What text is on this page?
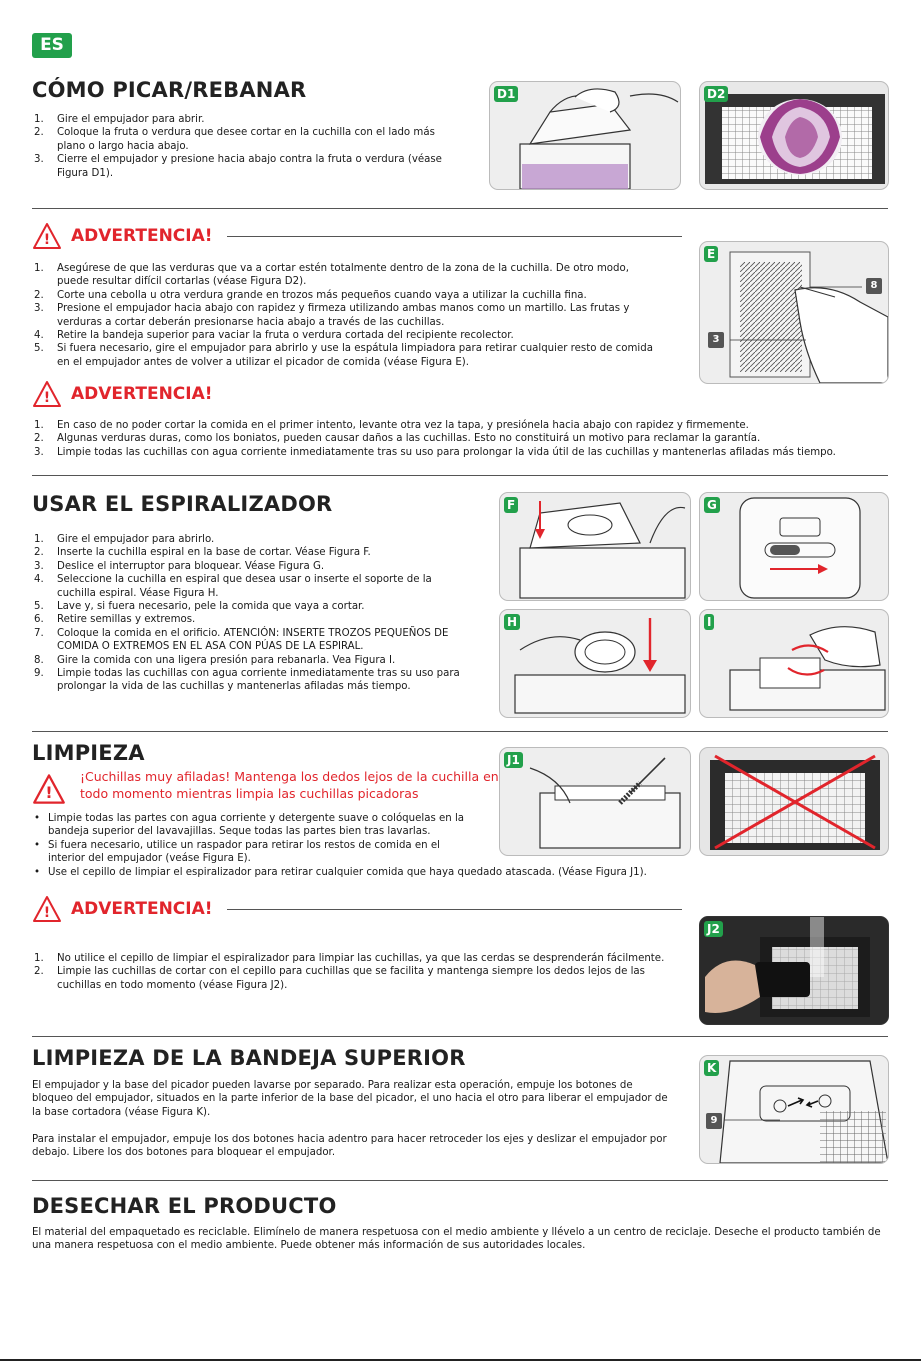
ES
CÓMO PICAR/REBANAR
1. Gire el empujador para abrir.
2. Coloque la fruta o verdura que desee cortar en la cuchilla con el lado más plano o largo hacia abajo.
3. Cierre el empujador y presione hacia abajo contra la fruta o verdura (véase Figura D1).
D1	D2
! ADVERTENCIA!
1. Asegúrese de que las verduras que va a cortar estén totalmente dentro de la zona de la cuchilla. De otro modo, puede resultar difícil cortarlas (véase Figura D2).
2. Corte una cebolla u otra verdura grande en trozos más pequeños cuando vaya a utilizar la cuchilla fina.
3. Presione el empujador hacia abajo con rapidez y firmeza utilizando ambas manos como un martillo. Las frutas y verduras a cortar deberán presionarse hacia abajo a través de las cuchillas.
4. Retire la bandeja superior para vaciar la fruta o verdura cortada del recipiente recolector.
5. Si fuera necesario, gire el empujador para abrirlo y use la espátula limpiadora para retirar cualquier resto de comida en el empujador antes de volver a utilizar el picador de comida (véase Figura E).
E
8
3
! ADVERTENCIA!
1. En caso de no poder cortar la comida en el primer intento, levante otra vez la tapa, y presiónela hacia abajo con rapidez y firmemente.
2. Algunas verduras duras, como los boniatos, pueden causar daños a las cuchillas. Esto no constituirá un motivo para reclamar la garantía.
3. Limpie todas las cuchillas con agua corriente inmediatamente tras su uso para prolongar la vida útil de las cuchillas y mantenerlas afiladas más tiempo.
USAR EL ESPIRALIZADOR
1. Gire el empujador para abrirlo.
2. Inserte la cuchilla espiral en la base de cortar. Véase Figura F.
3. Deslice el interruptor para bloquear. Véase Figura G.
4. Seleccione la cuchilla en espiral que desea usar o inserte el soporte de la cuchilla espiral. Véase Figura H.
5. Lave y, si fuera necesario, pele la comida que vaya a cortar.
6. Retire semillas y extremos.
7. Coloque la comida en el orificio. ATENCIÓN: INSERTE TROZOS PEQUEÑOS DE COMIDA O EXTREMOS EN EL ASA CON PÚAS DE LA ESPIRAL.
8. Gire la comida con una ligera presión para rebanarla. Vea Figura I.
9. Limpie todas las cuchillas con agua corriente inmediatamente tras su uso para prolongar la vida de las cuchillas y mantenerlas afiladas más tiempo.
F	G
H	I
LIMPIEZA
!
¡Cuchillas muy afiladas! Mantenga los dedos lejos de la cuchilla en todo momento mientras limpia las cuchillas picadoras
• Limpie todas las partes con agua corriente y detergente suave o colóquelas en la bandeja superior del lavavajillas. Seque todas las partes bien tras lavarlas.
• Si fuera necesario, utilice un raspador para retirar los restos de comida en el interior del empujador (veáse Figura E).
• Use el cepillo de limpiar el espiralizador para retirar cualquier comida que haya quedado atascada. (Véase Figura J1).
J1
! ADVERTENCIA!
1. No utilice el cepillo de limpiar el espiralizador para limpiar las cuchillas, ya que las cerdas se desprenderán fácilmente.
2. Limpie las cuchillas de cortar con el cepillo para cuchillas que se facilita y mantenga siempre los dedos lejos de las cuchillas en todo momento (véase Figura J2).
J2
LIMPIEZA DE LA BANDEJA SUPERIOR

El empujador y la base del picador pueden lavarse por separado. Para realizar esta operación, empuje los botones de bloqueo del empujador, situados en la parte inferior de la base del picador, el uno hacia el otro para liberar el empujador de la base cortadora (véase Figura K).

Para instalar el empujador, empuje los dos botones hacia adentro para hacer retroceder los ejes y deslizar el empujador por debajo. Libere los dos botones para bloquear el empujador.

K
9
DESECHAR EL PRODUCTO

El material del empaquetado es reciclable. Elimínelo de manera respetuosa con el medio ambiente y llévelo a un centro de reciclaje. Deseche el producto también de una manera respetuosa con el medio ambiente. Puede obtener más información de sus autoridades locales.
